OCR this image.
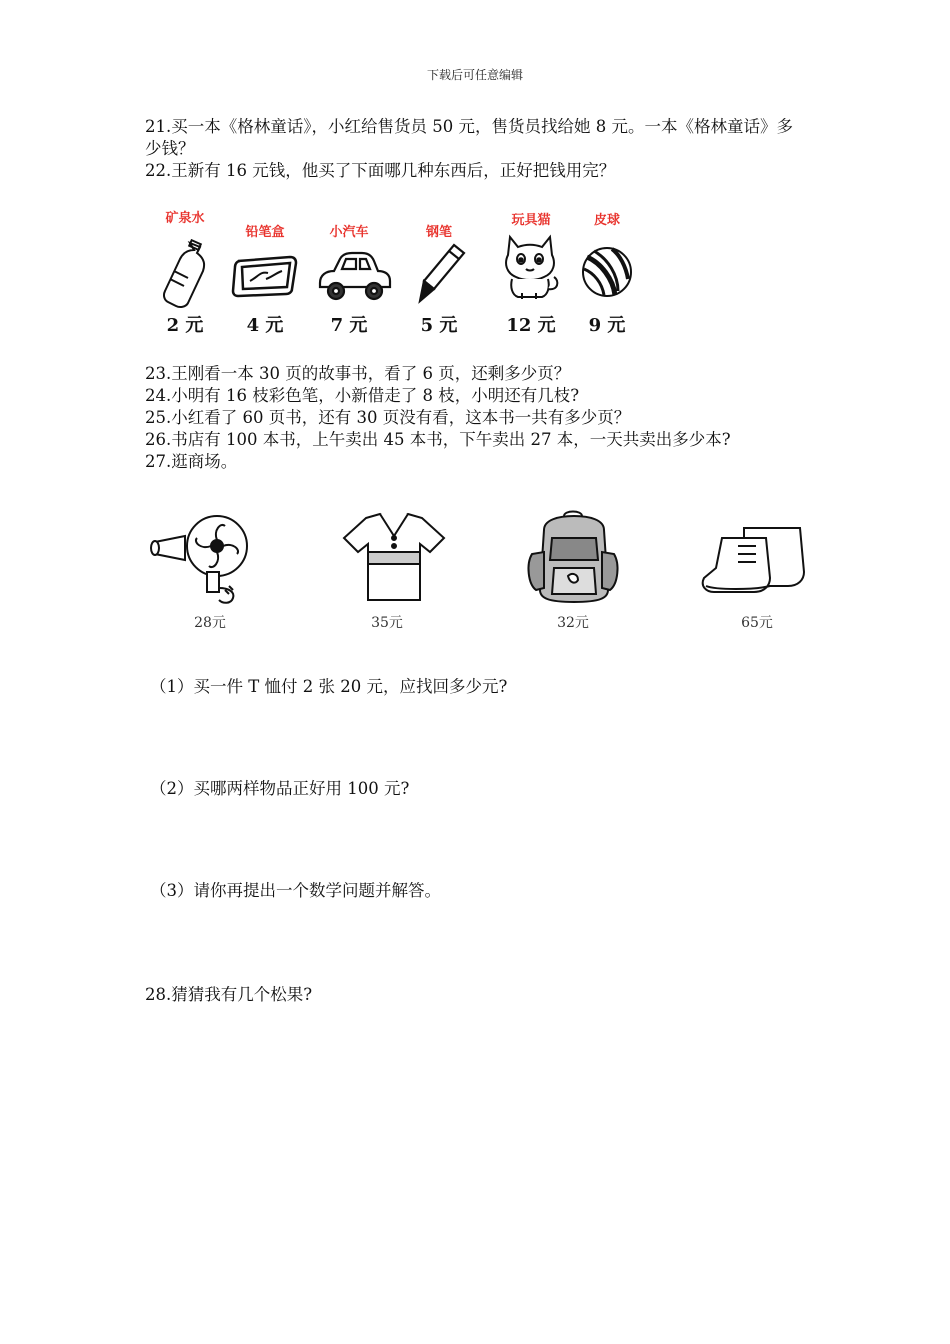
下载后可任意编辑

21.买一本《格林童话》，小红给售货员 50 元，售货员找给她 8 元。一本《格林童话》多少钱？

22.王新有 16 元钱，他买了下面哪几种东西后，正好把钱用完？

矿泉水
2 元
铅笔盒
4 元
小汽车
7 元
钢笔
5 元
玩具猫
12 元
皮球
9 元

23.王刚看一本 30 页的故事书，看了 6 页，还剩多少页？

24.小明有 16 枝彩色笔，小新借走了 8 枝，小明还有几枝?

25.小红看了 60 页书，还有 30 页没有看，这本书一共有多少页？

26.书店有 100 本书，上午卖出 45 本书，下午卖出 27 本，一天共卖出多少本?

27.逛商场。

28元	35元	32元	65元

（1）买一件 T 恤付 2 张 20 元，应找回多少元?

（2）买哪两样物品正好用 100 元?

（3）请你再提出一个数学问题并解答。

28.猜猜我有几个松果?
